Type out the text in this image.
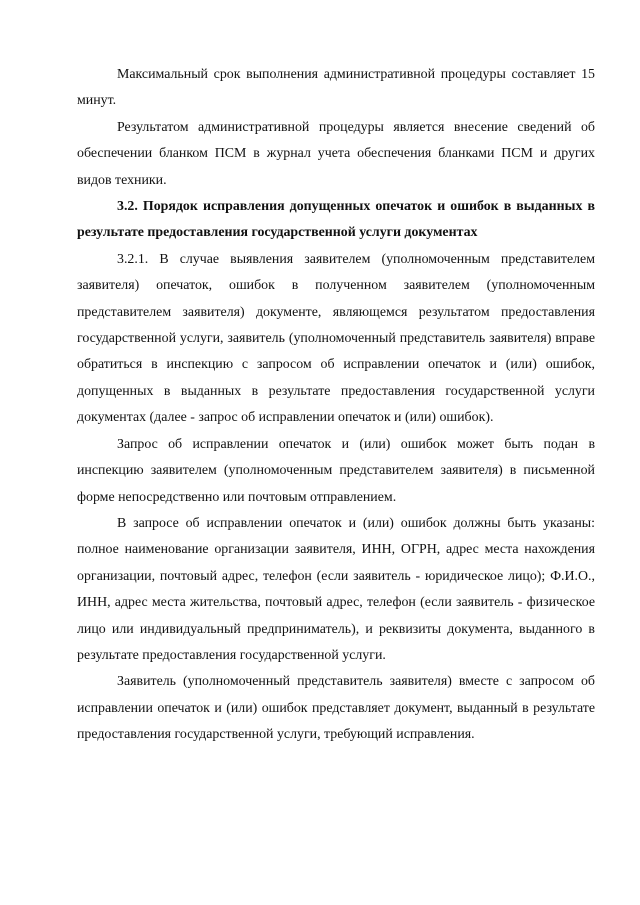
Максимальный срок выполнения административной процедуры составляет 15 минут.

Результатом административной процедуры является внесение сведений об обеспечении бланком ПСМ в журнал учета обеспечения бланками ПСМ и других видов техники.

3.2. Порядок исправления допущенных опечаток и ошибок в выданных в результате предоставления государственной услуги документах

3.2.1. В случае выявления заявителем (уполномоченным представителем заявителя) опечаток, ошибок в полученном заявителем (уполномоченным представителем заявителя) документе, являющемся результатом предоставления государственной услуги, заявитель (уполномоченный представитель заявителя) вправе обратиться в инспекцию с запросом об исправлении опечаток и (или) ошибок, допущенных в выданных в результате предоставления государственной услуги документах (далее - запрос об исправлении опечаток и (или) ошибок).

Запрос об исправлении опечаток и (или) ошибок может быть подан в инспекцию заявителем (уполномоченным представителем заявителя) в письменной форме непосредственно или почтовым отправлением.

В запросе об исправлении опечаток и (или) ошибок должны быть указаны: полное наименование организации заявителя, ИНН, ОГРН, адрес места нахождения организации, почтовый адрес, телефон (если заявитель - юридическое лицо); Ф.И.О., ИНН, адрес места жительства, почтовый адрес, телефон (если заявитель - физическое лицо или индивидуальный предприниматель), и реквизиты документа, выданного в результате предоставления государственной услуги.

Заявитель (уполномоченный представитель заявителя) вместе с запросом об исправлении опечаток и (или) ошибок представляет документ, выданный в результате предоставления государственной услуги, требующий исправления.
